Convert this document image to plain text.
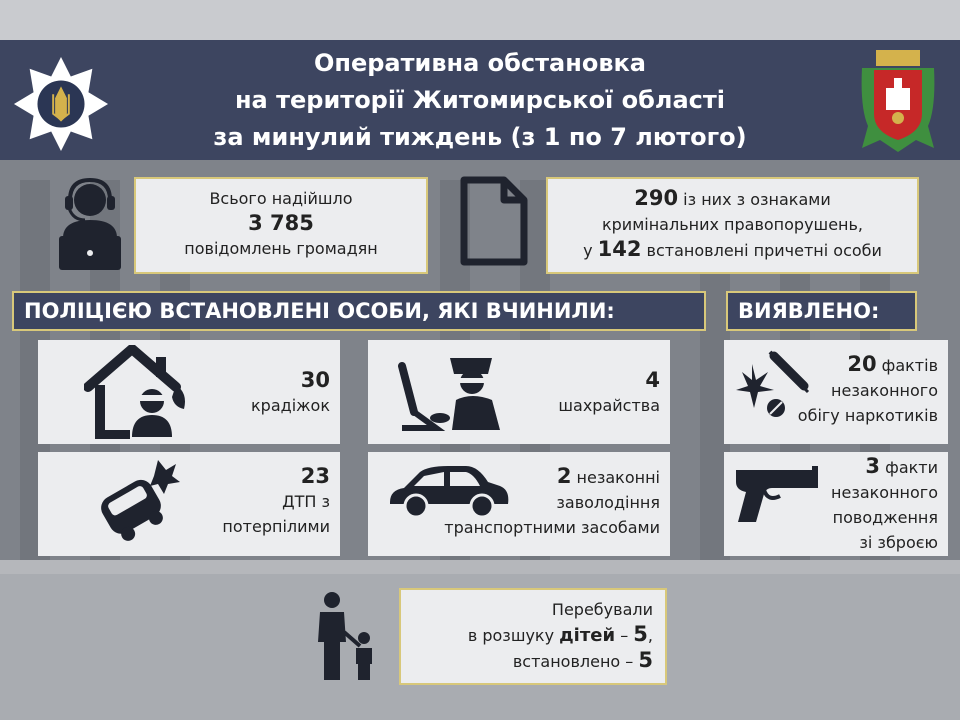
Оперативна обстановка
на території Житомирської області
за минулий тиждень (з 1 по 7 лютого)
Всього надійшло
3 785
повідомлень громадян
290 із них з ознаками
кримінальних правопорушень,
у 142 встановлені причетні особи
ПОЛІЦІЄЮ ВСТАНОВЛЕНІ ОСОБИ, ЯКІ ВЧИНИЛИ:	ВИЯВЛЕНО:
30
крадіжок
4
шахрайства
23
ДТП з
потерпілими
2 незаконні
заволодіння
транспортними засобами
20 фактів
незаконного
обігу наркотиків
3 факти
незаконного
поводження
зі зброєю
Перебували
в розшуку дітей – 5,
встановлено – 5
